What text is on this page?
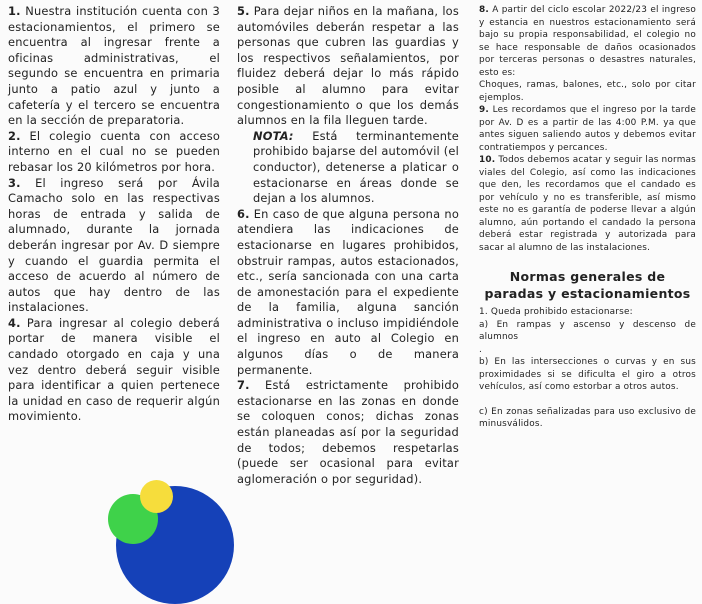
1. Nuestra institución cuenta con 3 estacionamientos, el primero se encuentra al ingresar frente a oficinas administrativas, el segundo se encuentra en primaria junto a patio azul y junto a cafetería y el tercero se encuentra en la sección de preparatoria.

2. El colegio cuenta con acceso interno en el cual no se pueden rebasar los 20 kilómetros por hora.

3. El ingreso será por Ávila Camacho solo en las respectivas horas de entrada y salida de alumnado, durante la jornada deberán ingresar por Av. D siempre y cuando el guardia permita el acceso de acuerdo al número de autos que hay dentro de las instalaciones.

4. Para ingresar al colegio deberá portar de manera visible el candado otorgado en caja y una vez dentro deberá seguir visible para identificar a quien pertenece la unidad en caso de requerir algún movimiento.

5. Para dejar niños en la mañana, los automóviles deberán respetar a las personas que cubren las guardias y los respectivos señalamientos, por fluidez deberá dejar lo más rápido posible al alumno para evitar congestionamiento o que los demás alumnos en la fila lleguen tarde.

NOTA: Está terminantemente prohibido bajarse del automóvil (el conductor), detenerse a platicar o estacionarse en áreas donde se dejan a los alumnos.

6. En caso de que alguna persona no atendiera las indicaciones de estacionarse en lugares prohibidos, obstruir rampas, autos estacionados, etc., sería sancionada con una carta de amonestación para el expediente de la familia, alguna sanción administrativa o incluso impidiéndole el ingreso en auto al Colegio en algunos días o de manera permanente.

7. Está estrictamente prohibido estacionarse en las zonas en donde se coloquen conos; dichas zonas están planeadas así por la seguridad de todos; debemos respetarlas (puede ser ocasional para evitar aglomeración o por seguridad).

8. A partir del ciclo escolar 2022/23 el ingreso y estancia en nuestros estacionamiento será bajo su propia responsabilidad, el colegio no se hace responsable de daños ocasionados por terceras personas o desastres naturales, esto es:

Choques, ramas, balones, etc., solo por citar ejemplos.

9. Les recordamos que el ingreso por la tarde por Av. D es a partir de las 4:00 P.M. ya que antes siguen saliendo autos y debemos evitar contratiempos y percances.

10. Todos debemos acatar y seguir las normas viales del Colegio, así como las indicaciones que den, les recordamos que el candado es por vehículo y no es transferible, así mismo este no es garantía de poderse llevar a algún alumno, aún portando el candado la persona deberá estar registrada y autorizada para sacar al alumno de las instalaciones.

Normas generales de paradas y estacionamientos

1. Queda prohibido estacionarse:

a) En rampas y ascenso y descenso de alumnos

.

b) En las intersecciones o curvas y en sus proximidades si se dificulta el giro a otros vehículos, así como estorbar a otros autos.

c) En zonas señalizadas para uso exclusivo de minusválidos.
